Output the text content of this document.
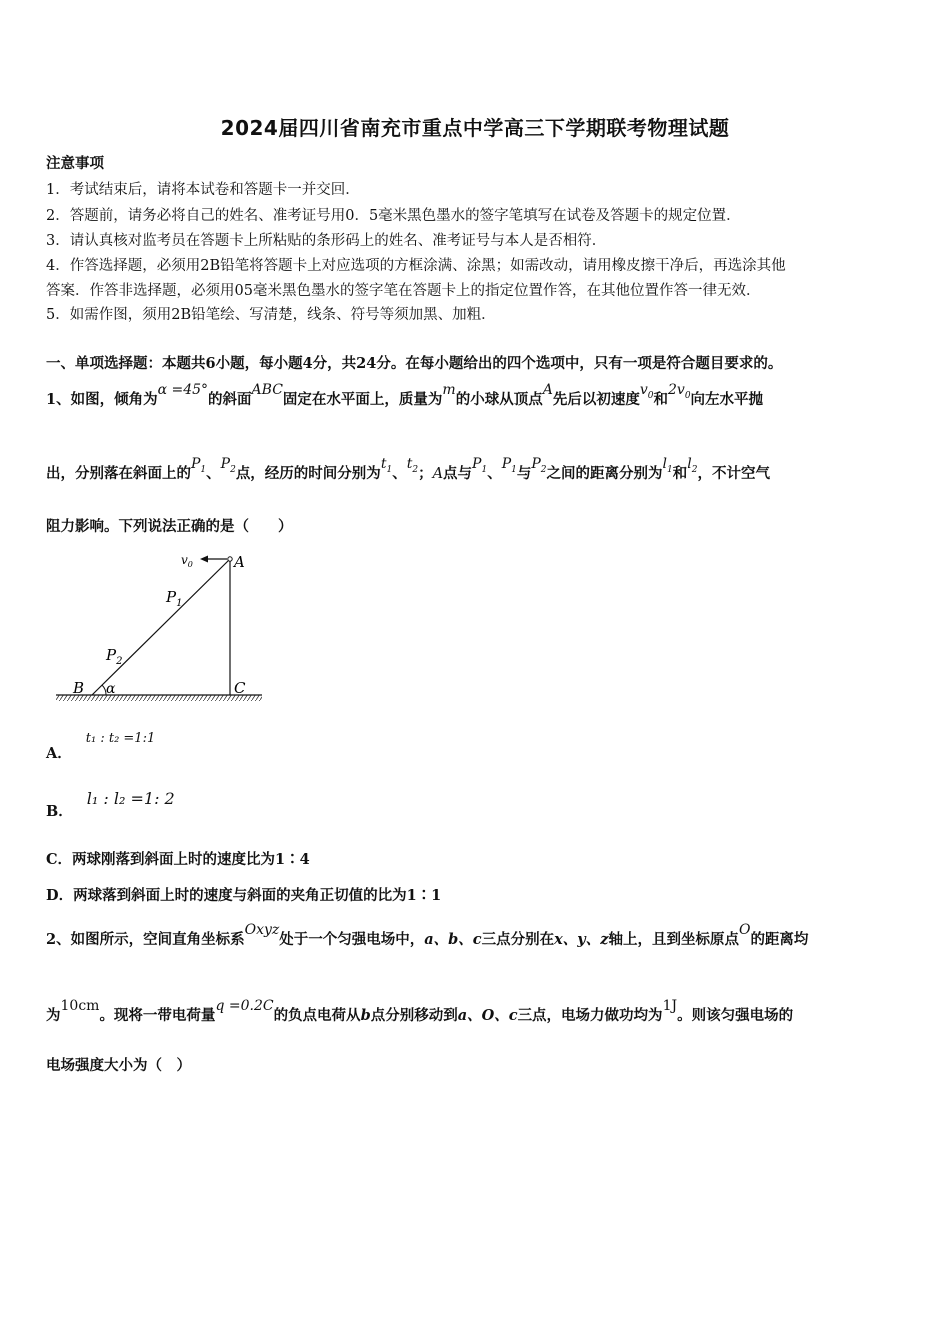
2024届四川省南充市重点中学高三下学期联考物理试题
注意事项
1．考试结束后，请将本试卷和答题卡一并交回．
2．答题前，请务必将自己的姓名、准考证号用0．5毫米黑色墨水的签字笔填写在试卷及答题卡的规定位置．
3．请认真核对监考员在答题卡上所粘贴的条形码上的姓名、准考证号与本人是否相符．
4．作答选择题，必须用2B铅笔将答题卡上对应选项的方框涂满、涂黑；如需改动，请用橡皮擦干净后，再选涂其他
答案．作答非选择题，必须用05毫米黑色墨水的签字笔在答题卡上的指定位置作答，在其他位置作答一律无效．
5．如需作图，须用2B铅笔绘、写清楚，线条、符号等须加黑、加粗．
一、单项选择题：本题共6小题，每小题4分，共24分。在每小题给出的四个选项中，只有一项是符合题目要求的。
1、如图，倾角为α =45°的斜面ABC固定在水平面上，质量为m的小球从顶点A先后以初速度$v_0$和$2v_0$向左水平抛
出，分别落在斜面上的$P_1$、$P_2$点，经历的时间分别为$t_1$、$t_2$；A点与$P_1$、$P_1$与$P_2$之间的距离分别为$l_1$和$l_2$，不计空气
阻力影响。下列说法正确的是（　　）
$v_0$	A
$P_1$
$P_2$
B α	C
A．t₁ : t₂ =1:1
B．l₁ : l₂ =1: 2
C．两球刚落到斜面上时的速度比为1∶4
D．两球落到斜面上时的速度与斜面的夹角正切值的比为1∶1
2、如图所示，空间直角坐标系Oxyz处于一个匀强电场中，a、b、c三点分别在x、y、z轴上，且到坐标原点O的距离均
为10cm。现将一带电荷量q =0.2C的负点电荷从b点分别移动到a、O、c三点，电场力做功均为1J。则该匀强电场的
电场强度大小为（　）
